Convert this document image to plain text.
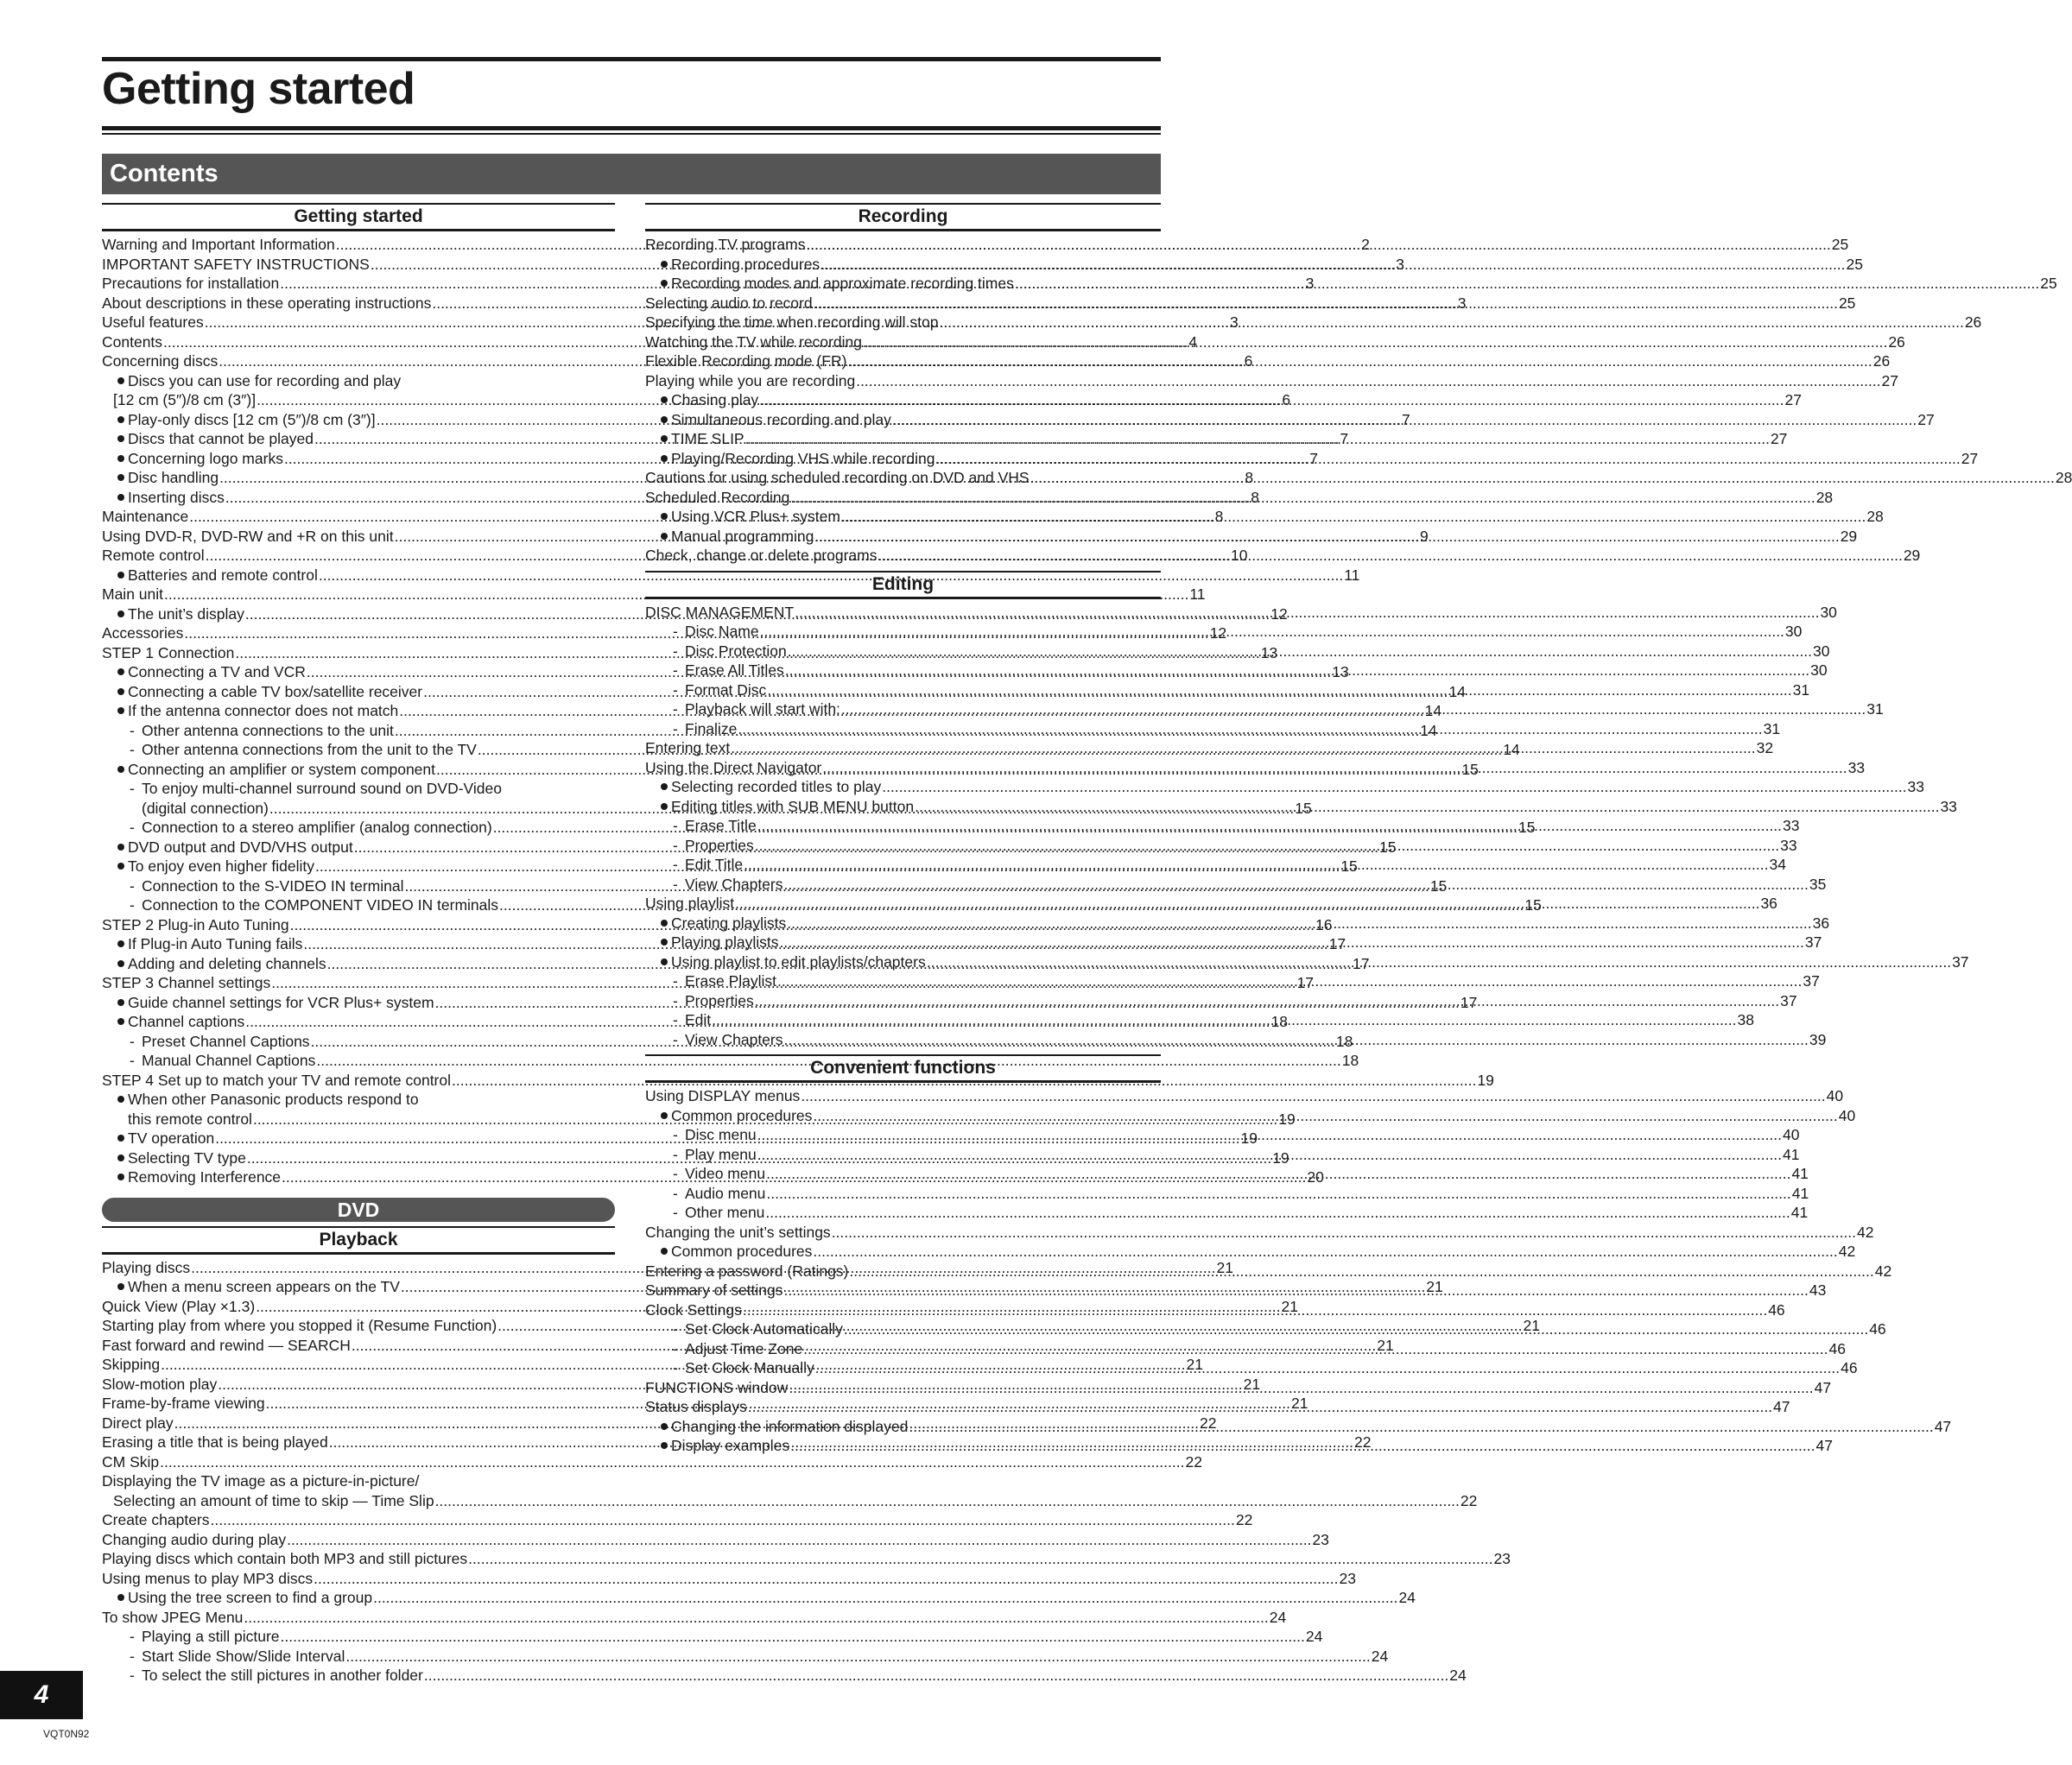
Getting started
Contents
Getting started
Warning and Important Information .....	2
IMPORTANT SAFETY INSTRUCTIONS .....	3
Precautions for installation .....	3
About descriptions in these operating instructions .....	3
Useful features .....	3
Contents .....	4
Concerning discs .....	6
Discs you can use for recording and play
[12 cm (5″)/8 cm (3″)] .....	6
Play-only discs [12 cm (5″)/8 cm (3″)] .....	7
Discs that cannot be played .....	7
Concerning logo marks .....	7
Disc handling .....	8
Inserting discs .....	8
Maintenance .....	8
Using DVD-R, DVD-RW and +R on this unit .....	9
Remote control .....	10
Batteries and remote control .....	11
Main unit .....	11
The unit’s display .....	12
Accessories .....	12
STEP 1 Connection .....	13
Connecting a TV and VCR .....	13
Connecting a cable TV box/satellite receiver .....	14
If the antenna connector does not match .....	14
- Other antenna connections to the unit .....	14
- Other antenna connections from the unit to the TV .....	14
Connecting an amplifier or system component .....	15
- To enjoy multi-channel surround sound on DVD-Video
(digital connection) .....	15
- Connection to a stereo amplifier (analog connection) .....	15
DVD output and DVD/VHS output .....	15
To enjoy even higher fidelity .....	15
- Connection to the S-VIDEO IN terminal .....	15
- Connection to the COMPONENT VIDEO IN terminals .....	15
STEP 2 Plug-in Auto Tuning .....	16
If Plug-in Auto Tuning fails .....	17
Adding and deleting channels .....	17
STEP 3 Channel settings .....	17
Guide channel settings for VCR Plus+ system .....	17
Channel captions .....	18
- Preset Channel Captions .....	18
- Manual Channel Captions .....	18
STEP 4 Set up to match your TV and remote control .....	19
When other Panasonic products respond to
this remote control .....	19
TV operation .....	19
Selecting TV type .....	19
Removing Interference .....	20
DVD
Playback
Playing discs .....	21
When a menu screen appears on the TV .....	21
Quick View (Play ×1.3) .....	21
Starting play from where you stopped it (Resume Function) .....	21
Fast forward and rewind — SEARCH .....	21
Skipping .....	21
Slow-motion play .....	21
Frame-by-frame viewing .....	21
Direct play .....	22
Erasing a title that is being played .....	22
CM Skip .....	22
Displaying the TV image as a picture-in-picture/
Selecting an amount of time to skip — Time Slip .....	22
Create chapters .....	22
Changing audio during play .....	23
Playing discs which contain both MP3 and still pictures .....	23
Using menus to play MP3 discs .....	23
Using the tree screen to find a group .....	24
To show JPEG Menu .....	24
- Playing a still picture .....	24
- Start Slide Show/Slide Interval .....	24
- To select the still pictures in another folder .....	24
Recording
Recording TV programs .....	25
Recording procedures .....	25
Recording modes and approximate recording times .....	25
Selecting audio to record .....	25
Specifying the time when recording will stop .....	26
Watching the TV while recording .....	26
Flexible Recording mode (FR) .....	26
Playing while you are recording .....	27
Chasing play .....	27
Simultaneous recording and play .....	27
TIME SLIP .....	27
Playing/Recording VHS while recording .....	27
Cautions for using scheduled recording on DVD and VHS .....	28
Scheduled Recording .....	28
Using VCR Plus+ system .....	28
Manual programming .....	29
Check, change or delete programs .....	29
Editing
DISC MANAGEMENT .....	30
- Disc Name .....	30
- Disc Protection .....	30
- Erase All Titles .....	30
- Format Disc .....	31
- Playback will start with: .....	31
- Finalize .....	31
Entering text .....	32
Using the Direct Navigator .....	33
Selecting recorded titles to play .....	33
Editing titles with SUB MENU button .....	33
- Erase Title .....	33
- Properties .....	33
- Edit Title .....	34
- View Chapters .....	35
Using playlist .....	36
Creating playlists .....	36
Playing playlists .....	37
Using playlist to edit playlists/chapters .....	37
- Erase Playlist .....	37
- Properties .....	37
- Edit .....	38
- View Chapters .....	39
Convenient functions
Using DISPLAY menus .....	40
Common procedures .....	40
- Disc menu .....	40
- Play menu .....	41
- Video menu .....	41
- Audio menu .....	41
- Other menu .....	41
Changing the unit’s settings .....	42
Common procedures .....	42
Entering a password (Ratings) .....	42
Summary of settings .....	43
Clock Settings .....	46
- Set Clock Automatically .....	46
- Adjust Time Zone .....	46
- Set Clock Manually .....	46
FUNCTIONS window .....	47
Status displays .....	47
Changing the information displayed .....	47
Display examples .....	47
4
VQT0N92
